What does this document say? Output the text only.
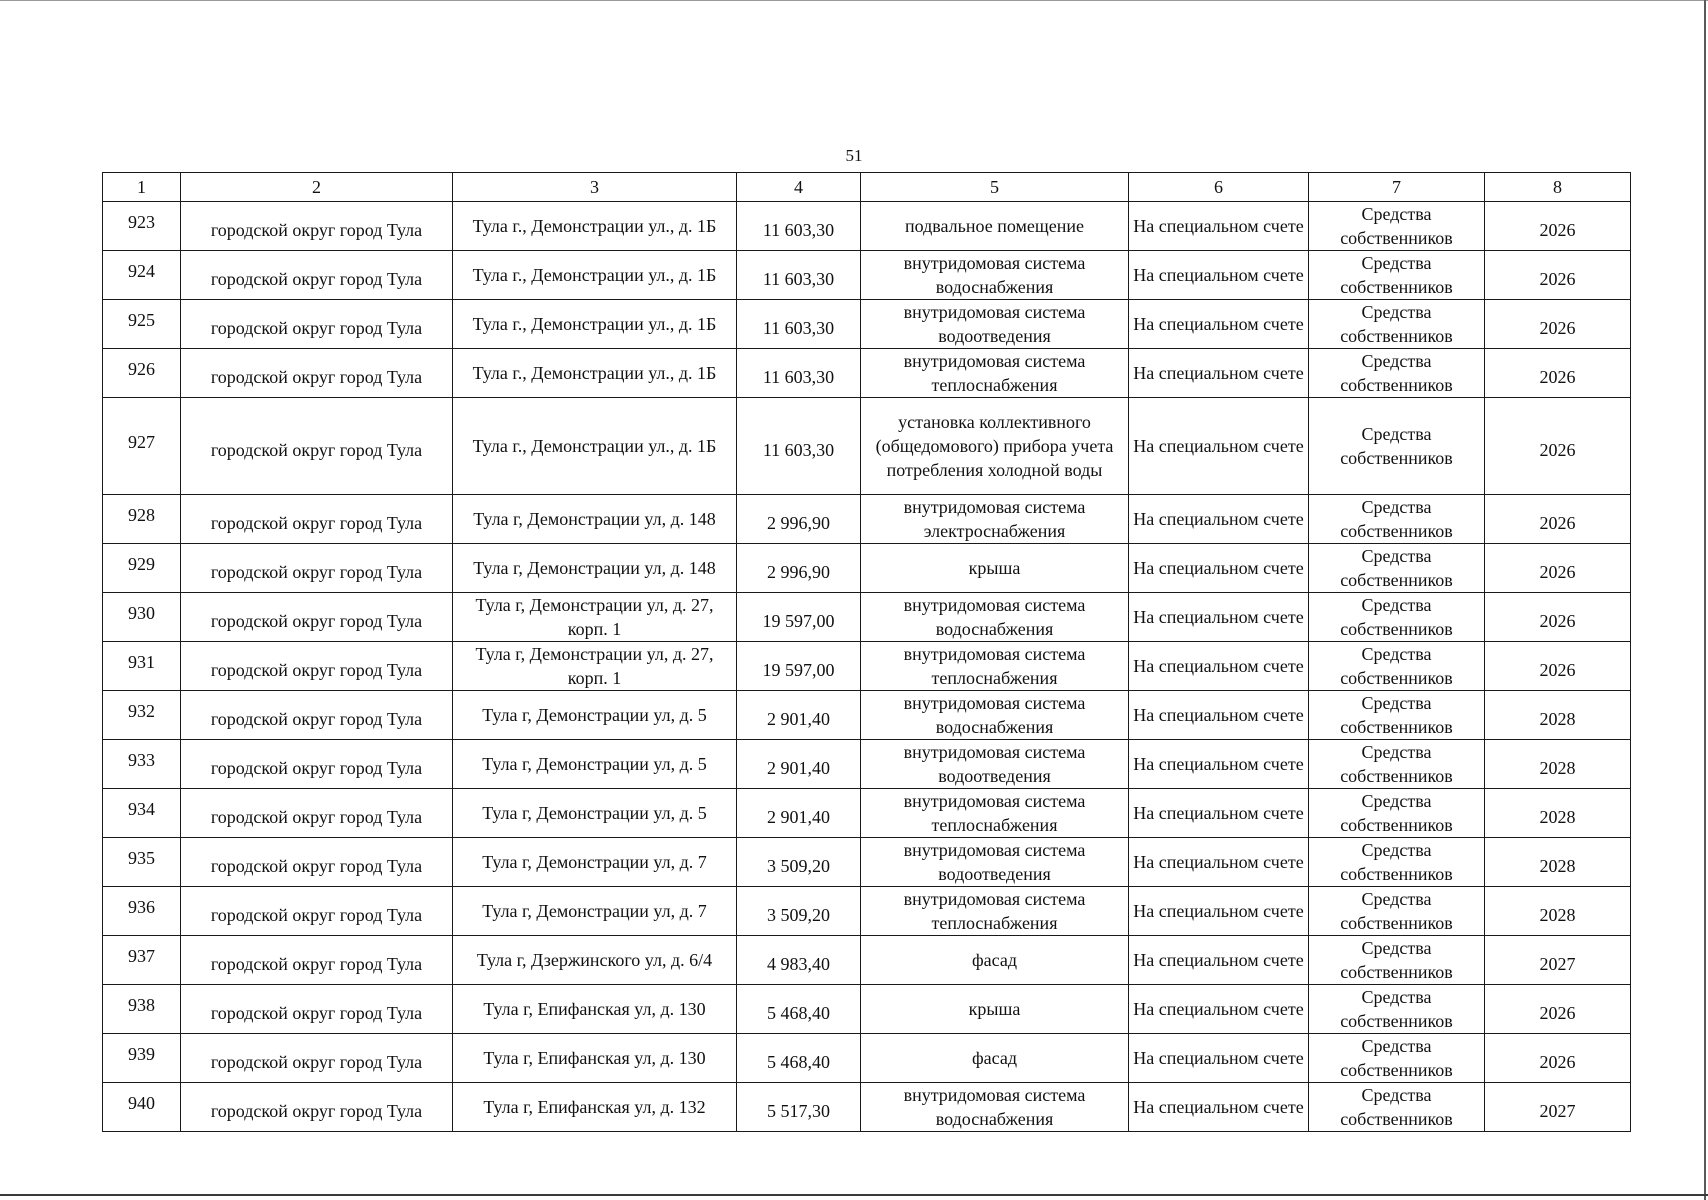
51
1	2	3	4	5	6	7	8

923	городской округ город Тула	Тула г., Демонстрации ул., д. 1Б	11 603,30	подвальное помещение	На специальном счете	Средства собственников	2026

924	городской округ город Тула	Тула г., Демонстрации ул., д. 1Б	11 603,30	внутридомовая система водоснабжения	На специальном счете	Средства собственников	2026

925	городской округ город Тула	Тула г., Демонстрации ул., д. 1Б	11 603,30	внутридомовая система водоотведения	На специальном счете	Средства собственников	2026

926	городской округ город Тула	Тула г., Демонстрации ул., д. 1Б	11 603,30	внутридомовая система теплоснабжения	На специальном счете	Средства собственников	2026

927	городской округ город Тула	Тула г., Демонстрации ул., д. 1Б	11 603,30	установка коллективного (общедомового) прибора учета потребления холодной воды	На специальном счете	Средства собственников	2026

928	городской округ город Тула	Тула г, Демонстрации ул, д. 148	2 996,90	внутридомовая система электроснабжения	На специальном счете	Средства собственников	2026

929	городской округ город Тула	Тула г, Демонстрации ул, д. 148	2 996,90	крыша	На специальном счете	Средства собственников	2026

930	городской округ город Тула	Тула г, Демонстрации ул, д. 27, корп. 1	19 597,00	внутридомовая система водоснабжения	На специальном счете	Средства собственников	2026

931	городской округ город Тула	Тула г, Демонстрации ул, д. 27, корп. 1	19 597,00	внутридомовая система теплоснабжения	На специальном счете	Средства собственников	2026

932	городской округ город Тула	Тула г, Демонстрации ул, д. 5	2 901,40	внутридомовая система водоснабжения	На специальном счете	Средства собственников	2028

933	городской округ город Тула	Тула г, Демонстрации ул, д. 5	2 901,40	внутридомовая система водоотведения	На специальном счете	Средства собственников	2028

934	городской округ город Тула	Тула г, Демонстрации ул, д. 5	2 901,40	внутридомовая система теплоснабжения	На специальном счете	Средства собственников	2028

935	городской округ город Тула	Тула г, Демонстрации ул, д. 7	3 509,20	внутридомовая система водоотведения	На специальном счете	Средства собственников	2028

936	городской округ город Тула	Тула г, Демонстрации ул, д. 7	3 509,20	внутридомовая система теплоснабжения	На специальном счете	Средства собственников	2028

937	городской округ город Тула	Тула г, Дзержинского ул, д. 6/4	4 983,40	фасад	На специальном счете	Средства собственников	2027

938	городской округ город Тула	Тула г, Епифанская ул, д. 130	5 468,40	крыша	На специальном счете	Средства собственников	2026

939	городской округ город Тула	Тула г, Епифанская ул, д. 130	5 468,40	фасад	На специальном счете	Средства собственников	2026

940	городской округ город Тула	Тула г, Епифанская ул, д. 132	5 517,30	внутридомовая система водоснабжения	На специальном счете	Средства собственников	2027
